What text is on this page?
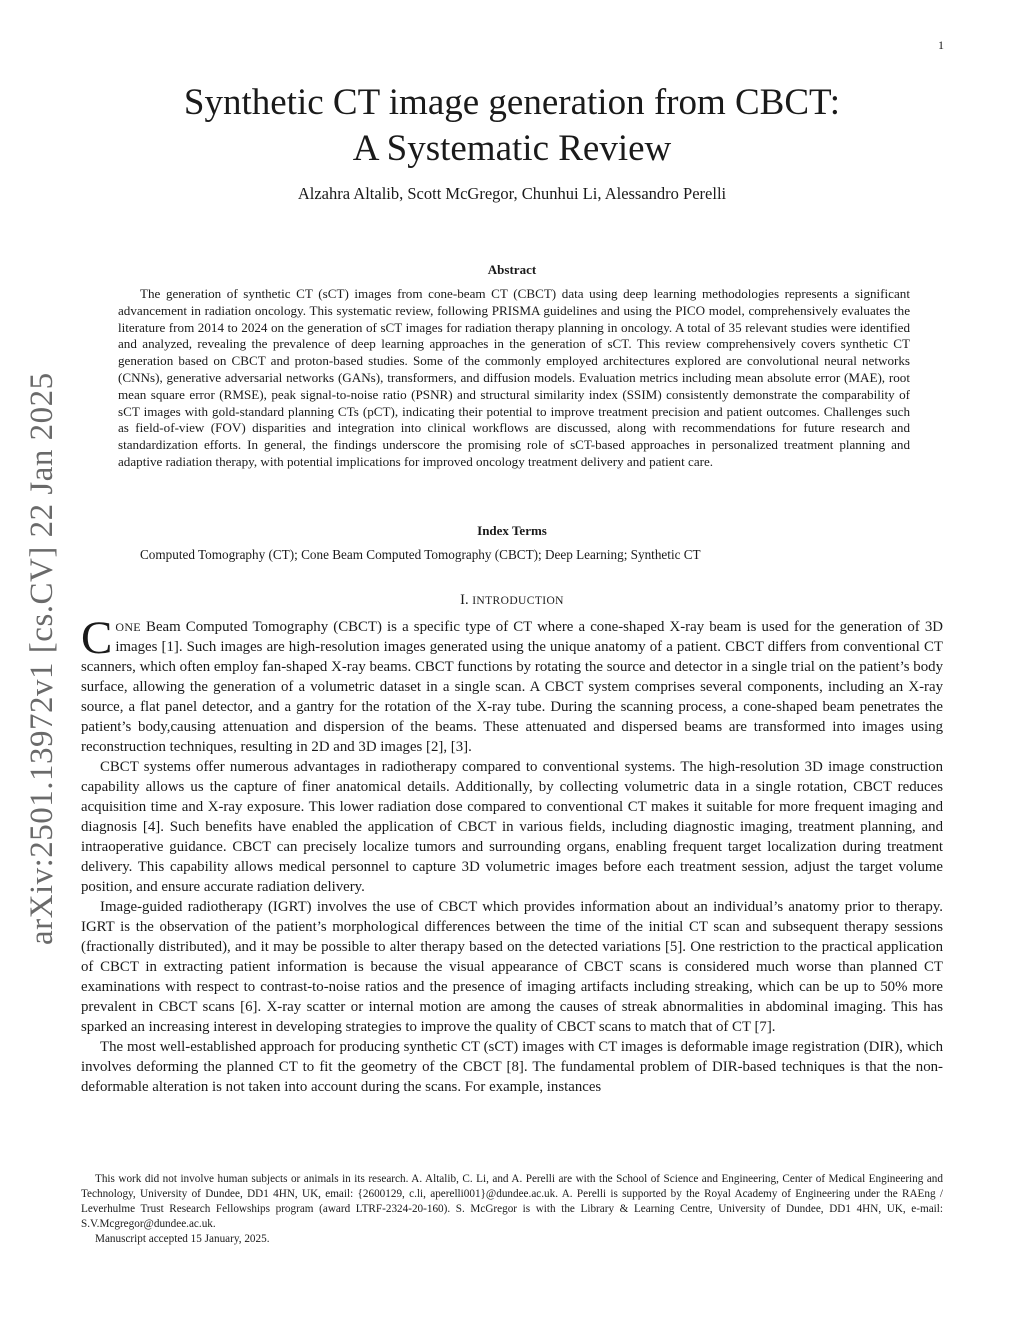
1
arXiv:2501.13972v1 [cs.CV] 22 Jan 2025
Synthetic CT image generation from CBCT:
A Systematic Review
Alzahra Altalib, Scott McGregor, Chunhui Li, Alessandro Perelli
Abstract

The generation of synthetic CT (sCT) images from cone-beam CT (CBCT) data using deep learning methodologies represents a significant advancement in radiation oncology. This systematic review, following PRISMA guidelines and using the PICO model, comprehensively evaluates the literature from 2014 to 2024 on the generation of sCT images for radiation therapy planning in oncology. A total of 35 relevant studies were identified and analyzed, revealing the prevalence of deep learning approaches in the generation of sCT. This review comprehensively covers synthetic CT generation based on CBCT and proton-based studies. Some of the commonly employed architectures explored are convolutional neural networks (CNNs), generative adversarial networks (GANs), transformers, and diffusion models. Evaluation metrics including mean absolute error (MAE), root mean square error (RMSE), peak signal-to-noise ratio (PSNR) and structural similarity index (SSIM) consistently demonstrate the comparability of sCT images with gold-standard planning CTs (pCT), indicating their potential to improve treatment precision and patient outcomes. Challenges such as field-of-view (FOV) disparities and integration into clinical workflows are discussed, along with recommendations for future research and standardization efforts. In general, the findings underscore the promising role of sCT-based approaches in personalized treatment planning and adaptive radiation therapy, with potential implications for improved oncology treatment delivery and patient care.

Index Terms
Computed Tomography (CT); Cone Beam Computed Tomography (CBCT); Deep Learning; Synthetic CT
I. INTRODUCTION

CONE Beam Computed Tomography (CBCT) is a specific type of CT where a cone-shaped X-ray beam is used for the generation of 3D images [1]. Such images are high-resolution images generated using the unique anatomy of a patient. CBCT differs from conventional CT scanners, which often employ fan-shaped X-ray beams. CBCT functions by rotating the source and detector in a single trial on the patient’s body surface, allowing the generation of a volumetric dataset in a single scan. A CBCT system comprises several components, including an X-ray source, a flat panel detector, and a gantry for the rotation of the X-ray tube. During the scanning process, a cone-shaped beam penetrates the patient’s body,causing attenuation and dispersion of the beams. These attenuated and dispersed beams are transformed into images using reconstruction techniques, resulting in 2D and 3D images [2], [3].

CBCT systems offer numerous advantages in radiotherapy compared to conventional systems. The high-resolution 3D image construction capability allows us the capture of finer anatomical details. Additionally, by collecting volumetric data in a single rotation, CBCT reduces acquisition time and X-ray exposure. This lower radiation dose compared to conventional CT makes it suitable for more frequent imaging and diagnosis [4]. Such benefits have enabled the application of CBCT in various fields, including diagnostic imaging, treatment planning, and intraoperative guidance. CBCT can precisely localize tumors and surrounding organs, enabling frequent target localization during treatment delivery. This capability allows medical personnel to capture 3D volumetric images before each treatment session, adjust the target volume position, and ensure accurate radiation delivery.

Image-guided radiotherapy (IGRT) involves the use of CBCT which provides information about an individual’s anatomy prior to therapy. IGRT is the observation of the patient’s morphological differences between the time of the initial CT scan and subsequent therapy sessions (fractionally distributed), and it may be possible to alter therapy based on the detected variations [5]. One restriction to the practical application of CBCT in extracting patient information is because the visual appearance of CBCT scans is considered much worse than planned CT examinations with respect to contrast-to-noise ratios and the presence of imaging artifacts including streaking, which can be up to 50% more prevalent in CBCT scans [6]. X-ray scatter or internal motion are among the causes of streak abnormalities in abdominal imaging. This has sparked an increasing interest in developing strategies to improve the quality of CBCT scans to match that of CT [7].

The most well-established approach for producing synthetic CT (sCT) images with CT images is deformable image registration (DIR), which involves deforming the planned CT to fit the geometry of the CBCT [8]. The fundamental problem of DIR-based techniques is that the non-deformable alteration is not taken into account during the scans. For example, instances

This work did not involve human subjects or animals in its research. A. Altalib, C. Li, and A. Perelli are with the School of Science and Engineering, Center of Medical Engineering and Technology, University of Dundee, DD1 4HN, UK, email: {2600129, c.li, aperelli001}@dundee.ac.uk. A. Perelli is supported by the Royal Academy of Engineering under the RAEng / Leverhulme Trust Research Fellowships program (award LTRF-2324-20-160). S. McGregor is with the Library & Learning Centre, University of Dundee, DD1 4HN, UK, e-mail: S.V.Mcgregor@dundee.ac.uk.

Manuscript accepted 15 January, 2025.
